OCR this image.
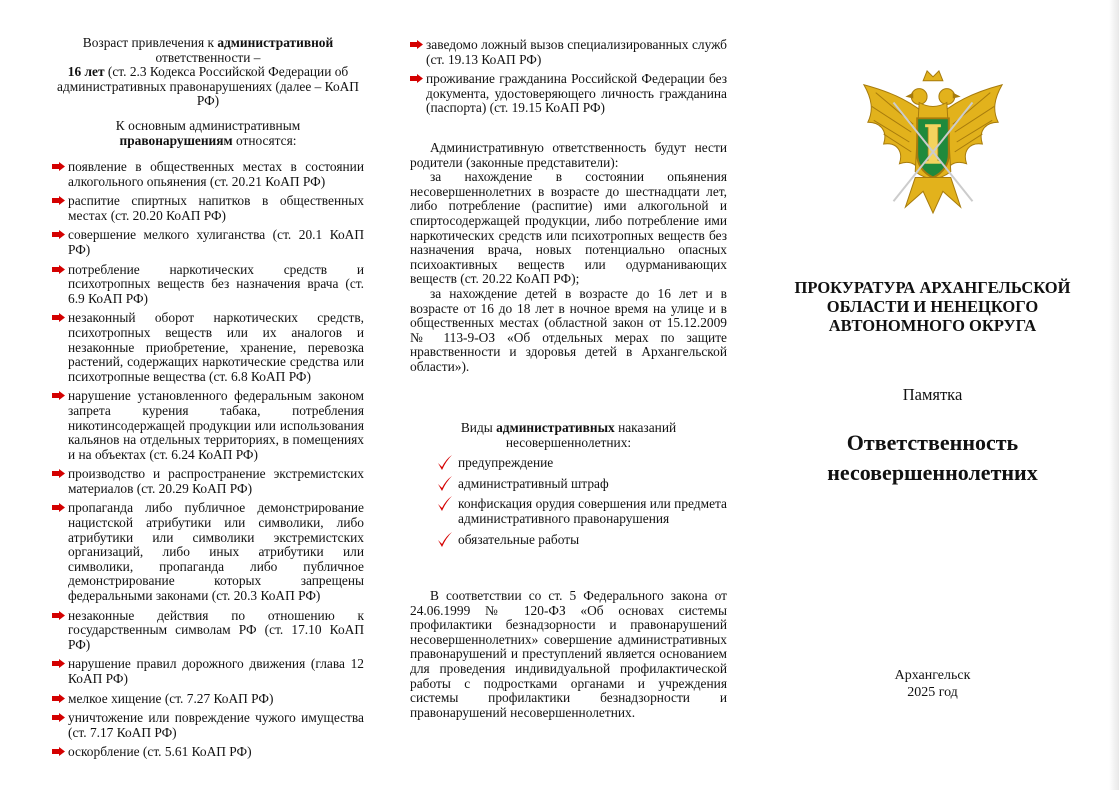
Возраст привлечения к административной
ответственности –
16 лет (ст. 2.3 Кодекса Российской Федерации об административных правонарушениях (далее – КоАП РФ)
К основным административным
правонарушениям относятся:
появление в общественных местах в состоянии алкогольного опьянения (ст. 20.21 КоАП РФ)
распитие спиртных напитков в общественных местах (ст. 20.20 КоАП РФ)
совершение мелкого хулиганства (ст. 20.1 КоАП РФ)
потребление наркотических средств и психотропных веществ без назначения врача (ст. 6.9 КоАП РФ)
незаконный оборот наркотических средств, психотропных веществ или их аналогов и незаконные приобретение, хранение, перевозка растений, содержащих наркотические средства или психотропные вещества (ст. 6.8 КоАП РФ)
нарушение установленного федеральным законом запрета курения табака, потребления никотинсодержащей продукции или использования кальянов на отдельных территориях, в помещениях и на объектах (ст. 6.24 КоАП РФ)
производство и распространение экстремистских материалов (ст. 20.29 КоАП РФ)
пропаганда либо публичное демонстрирование нацистской атрибутики или символики, либо атрибутики или символики экстремистских организаций, либо иных атрибутики или символики, пропаганда либо публичное демонстрирование которых запрещены федеральными законами (ст. 20.3 КоАП РФ)
незаконные действия по отношению к государственным символам РФ (ст. 17.10 КоАП РФ)
нарушение правил дорожного движения (глава 12 КоАП РФ)
мелкое хищение (ст. 7.27 КоАП РФ)
уничтожение или повреждение чужого имущества (ст. 7.17 КоАП РФ)
оскорбление (ст. 5.61 КоАП РФ)
заведомо ложный вызов специализированных служб (ст. 19.13 КоАП РФ)
проживание гражданина Российской Федерации без документа, удостоверяющего личность гражданина (паспорта) (ст. 19.15 КоАП РФ)

Административную ответственность будут нести родители (законные представители):

за нахождение в состоянии опьянения несовершеннолетних в возрасте до шестнадцати лет, либо потребление (распитие) ими алкогольной и спиртосодержащей продукции, либо потребление ими наркотических средств или психотропных веществ без назначения врача, новых потенциально опасных психоактивных веществ или одурманивающих веществ (ст. 20.22 КоАП РФ);

за нахождение детей в возрасте до 16 лет и в возрасте от 16 до 18 лет в ночное время на улице и в общественных местах (областной закон от 15.12.2009 № 113-9-ОЗ «Об отдельных мерах по защите нравственности и здоровья детей в Архангельской области»).

Виды административных наказаний несовершеннолетних:
предупреждение
административный штраф
конфискация орудия совершения или предмета административного правонарушения
обязательные работы

В соответствии со ст. 5 Федерального закона от 24.06.1999 № 120-ФЗ «Об основах системы профилактики безнадзорности и правонарушений несовершеннолетних» совершение административных правонарушений и преступлений является основанием для проведения индивидуальной профилактической работы с подростками органами и учреждения системы профилактики безнадзорности и правонарушений несовершеннолетних.

ПРОКУРАТУРА АРХАНГЕЛЬСКОЙ ОБЛАСТИ И НЕНЕЦКОГО АВТОНОМНОГО ОКРУГА
Памятка
Ответственность несовершеннолетних
Архангельск
2025 год
